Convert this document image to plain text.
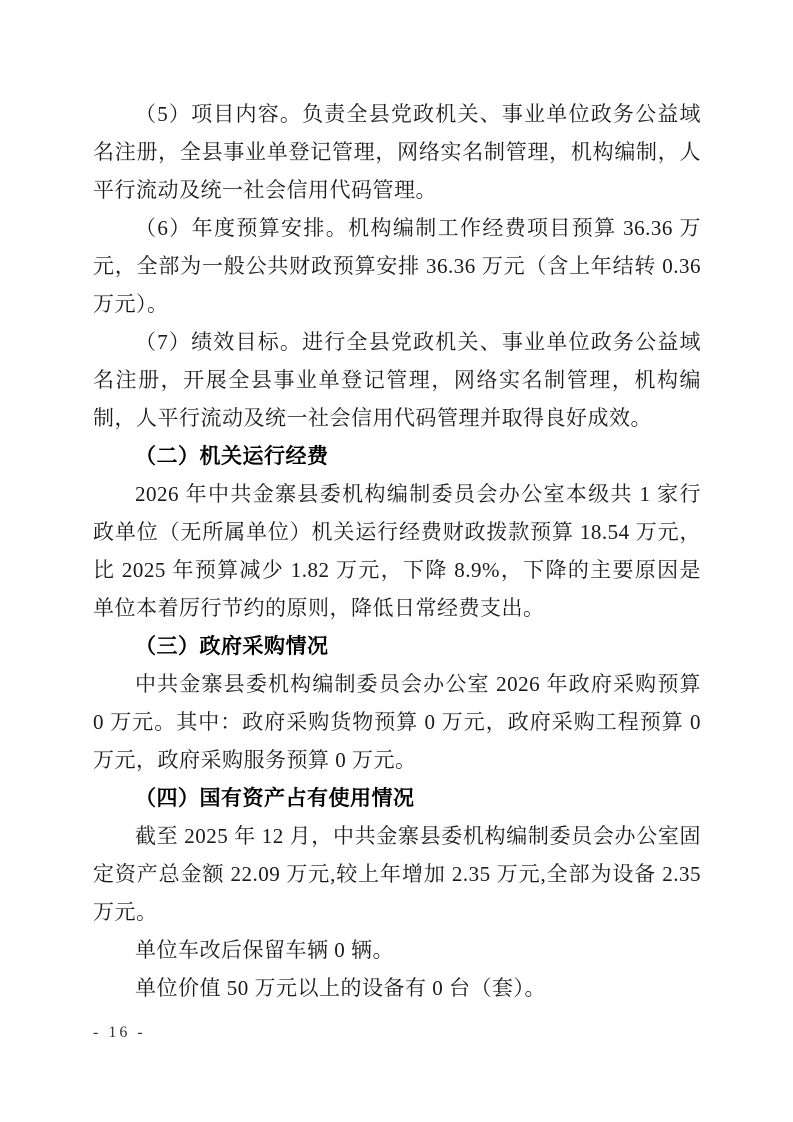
（5）项目内容。负责全县党政机关、事业单位政务公益域名注册，全县事业单登记管理，网络实名制管理，机构编制，人平行流动及统一社会信用代码管理。

（6）年度预算安排。机构编制工作经费项目预算 36.36 万元，全部为一般公共财政预算安排 36.36 万元（含上年结转 0.36 万元）。

（7）绩效目标。进行全县党政机关、事业单位政务公益域名注册，开展全县事业单登记管理，网络实名制管理，机构编制，人平行流动及统一社会信用代码管理并取得良好成效。

（二）机关运行经费

2026 年中共金寨县委机构编制委员会办公室本级共 1 家行政单位（无所属单位）机关运行经费财政拨款预算 18.54 万元，比 2025 年预算减少 1.82 万元，下降 8.9%，下降的主要原因是单位本着厉行节约的原则，降低日常经费支出。

（三）政府采购情况

中共金寨县委机构编制委员会办公室 2026 年政府采购预算 0 万元。其中：政府采购货物预算 0 万元，政府采购工程预算 0 万元，政府采购服务预算 0 万元。

（四）国有资产占有使用情况

截至 2025 年 12 月，中共金寨县委机构编制委员会办公室固定资产总金额 22.09 万元,较上年增加 2.35 万元,全部为设备 2.35 万元。

单位车改后保留车辆 0 辆。

单位价值 50 万元以上的设备有 0 台（套）。

- 16 -
